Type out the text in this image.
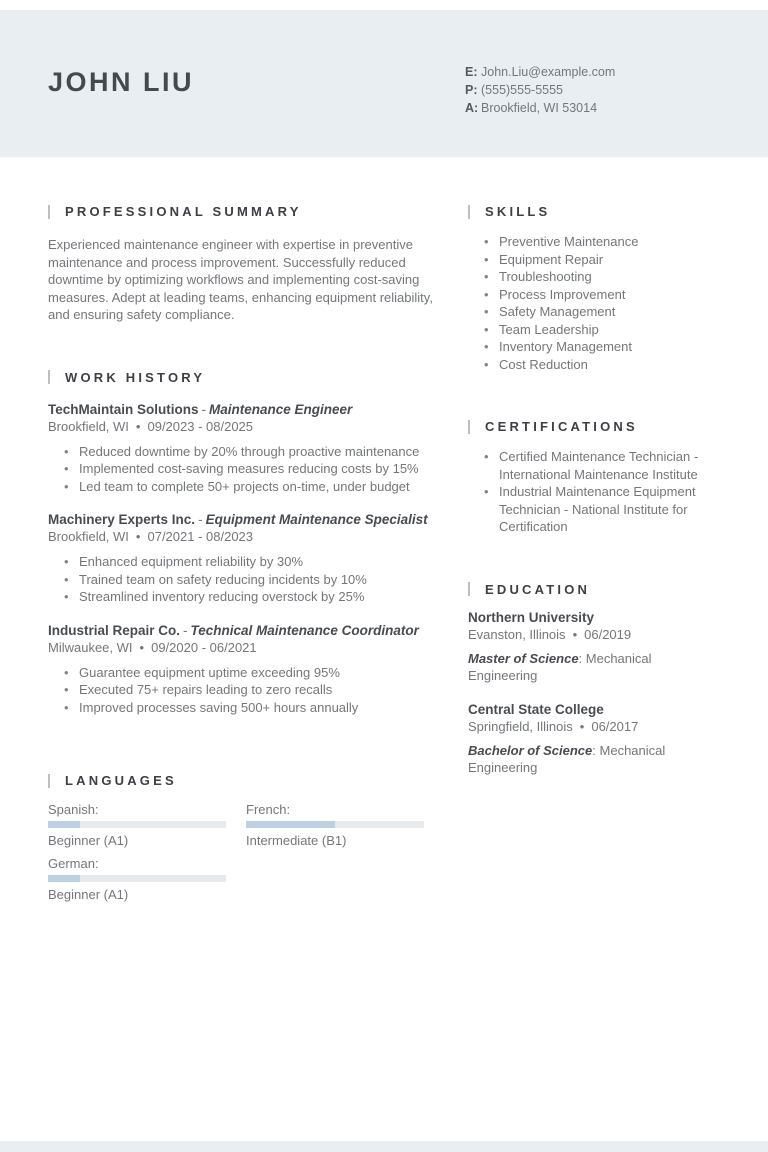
JOHN LIU	E: John.Liu@example.com
P: (555)555-5555
A: Brookfield, WI 53014
PROFESSIONAL SUMMARY
Experienced maintenance engineer with expertise in preventive maintenance and process improvement. Successfully reduced downtime by optimizing workflows and implementing cost-saving measures. Adept at leading teams, enhancing equipment reliability, and ensuring safety compliance.
WORK HISTORY
TechMaintain Solutions - Maintenance Engineer
Brookfield, WI • 09/2023 - 08/2025
• Reduced downtime by 20% through proactive maintenance
• Implemented cost-saving measures reducing costs by 15%
• Led team to complete 50+ projects on-time, under budget
Machinery Experts Inc. - Equipment Maintenance Specialist
Brookfield, WI • 07/2021 - 08/2023
• Enhanced equipment reliability by 30%
• Trained team on safety reducing incidents by 10%
• Streamlined inventory reducing overstock by 25%
Industrial Repair Co. - Technical Maintenance Coordinator
Milwaukee, WI • 09/2020 - 06/2021
• Guarantee equipment uptime exceeding 95%
• Executed 75+ repairs leading to zero recalls
• Improved processes saving 500+ hours annually
LANGUAGES
Spanish:
Beginner (A1)
French:
Intermediate (B1)
German:
Beginner (A1)
SKILLS
• Preventive Maintenance
• Equipment Repair
• Troubleshooting
• Process Improvement
• Safety Management
• Team Leadership
• Inventory Management
• Cost Reduction
CERTIFICATIONS
• Certified Maintenance Technician - International Maintenance Institute
• Industrial Maintenance Equipment Technician - National Institute for Certification
EDUCATION
Northern University
Evanston, Illinois • 06/2019
Master of Science: Mechanical Engineering
Central State College
Springfield, Illinois • 06/2017
Bachelor of Science: Mechanical Engineering
